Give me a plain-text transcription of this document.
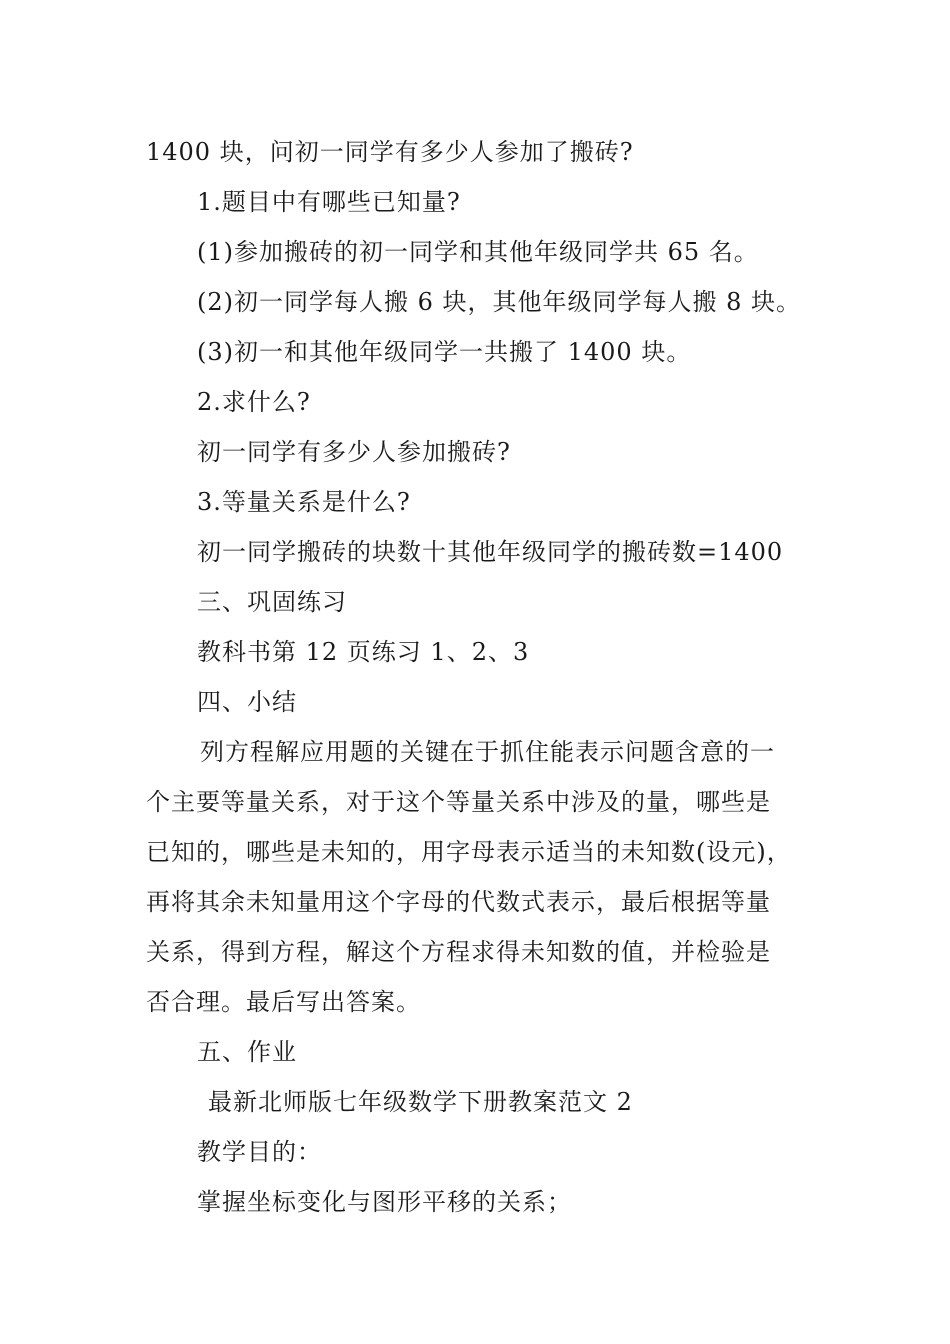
1400 块，问初一同学有多少人参加了搬砖?
1.题目中有哪些已知量?
(1)参加搬砖的初一同学和其他年级同学共 65 名。
(2)初一同学每人搬 6 块，其他年级同学每人搬 8 块。
(3)初一和其他年级同学一共搬了 1400 块。
2.求什么?
初一同学有多少人参加搬砖?
3.等量关系是什么?
初一同学搬砖的块数十其他年级同学的搬砖数=1400
三、巩固练习
教科书第 12 页练习 1、2、3
四、小结
列方程解应用题的关键在于抓住能表示问题含意的一
个主要等量关系，对于这个等量关系中涉及的量，哪些是
已知的，哪些是未知的，用字母表示适当的未知数(设元)，
再将其余未知量用这个字母的代数式表示，最后根据等量
关系，得到方程，解这个方程求得未知数的值，并检验是
否合理。最后写出答案。
五、作业
最新北师版七年级数学下册教案范文 2
教学目的：
掌握坐标变化与图形平移的关系；
